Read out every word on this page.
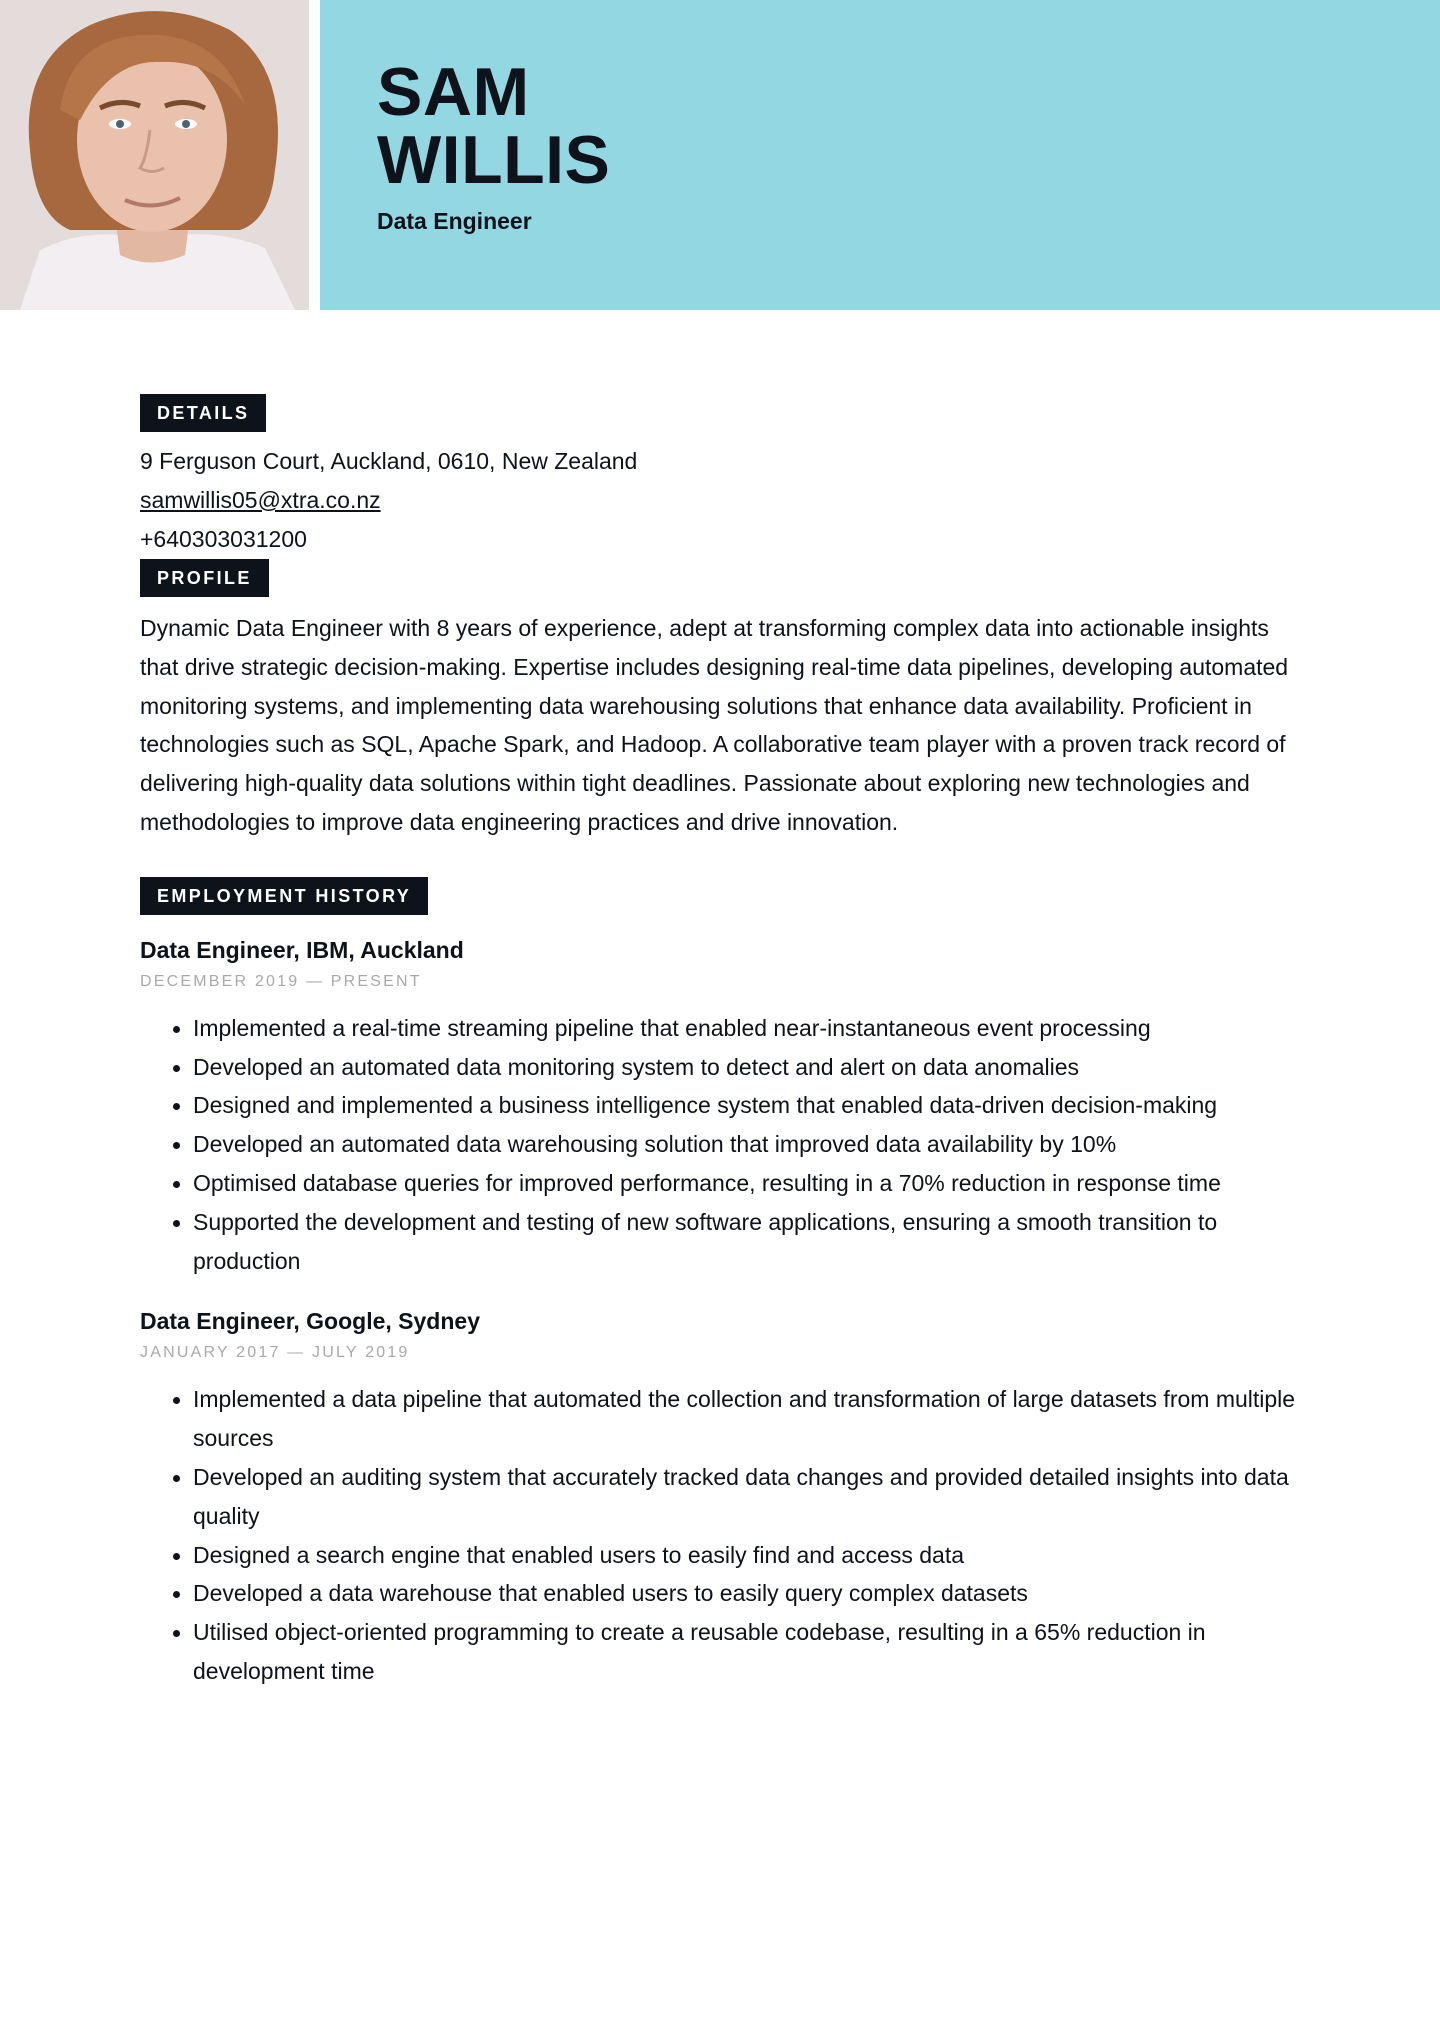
SAM
WILLIS
Data Engineer
DETAILS
9 Ferguson Court, Auckland, 0610, New Zealand
samwillis05@xtra.co.nz
+640303031200
PROFILE

Dynamic Data Engineer with 8 years of experience, adept at transforming complex data into actionable insights that drive strategic decision-making. Expertise includes designing real-time data pipelines, developing automated monitoring systems, and implementing data warehousing solutions that enhance data availability. Proficient in technologies such as SQL, Apache Spark, and Hadoop. A collaborative team player with a proven track record of delivering high-quality data solutions within tight deadlines. Passionate about exploring new technologies and methodologies to improve data engineering practices and drive innovation.

EMPLOYMENT HISTORY
Data Engineer, IBM, Auckland
DECEMBER 2019 — PRESENT
Implemented a real-time streaming pipeline that enabled near-instantaneous event processing
Developed an automated data monitoring system to detect and alert on data anomalies
Designed and implemented a business intelligence system that enabled data-driven decision-making
Developed an automated data warehousing solution that improved data availability by 10%
Optimised database queries for improved performance, resulting in a 70% reduction in response time
Supported the development and testing of new software applications, ensuring a smooth transition to production
Data Engineer, Google, Sydney
JANUARY 2017 — JULY 2019
Implemented a data pipeline that automated the collection and transformation of large datasets from multiple sources
Developed an auditing system that accurately tracked data changes and provided detailed insights into data quality
Designed a search engine that enabled users to easily find and access data
Developed a data warehouse that enabled users to easily query complex datasets
Utilised object-oriented programming to create a reusable codebase, resulting in a 65% reduction in development time
